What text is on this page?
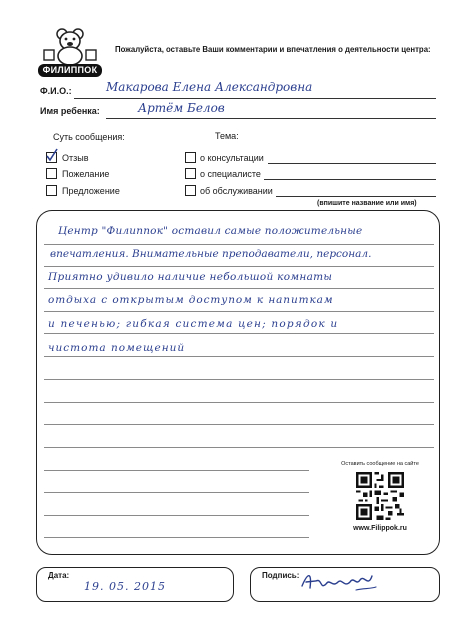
ФИЛИППОК
Пожалуйста, оставьте Ваши комментарии и впечатления о деятельности центра:
Ф.И.О.:	Макарова Елена Александровна
Имя ребенка:	Артём Белов
Суть сообщения:
Отзыв
Пожелание
Предложение
Тема:
о консультации
о специалисте
об обслуживании
(впишите название или имя)
Центр "Филиппок" оставил самые положительные
впечатления. Внимательные преподаватели, персонал.
Приятно удивило наличие небольшой комнаты
отдыха с открытым доступом к напиткам
и печенью; гибкая система цен; порядок и
чистота помещений
Оставить сообщение на сайте
www.Filippok.ru
Дата:
19. 05. 2015
Подпись:
